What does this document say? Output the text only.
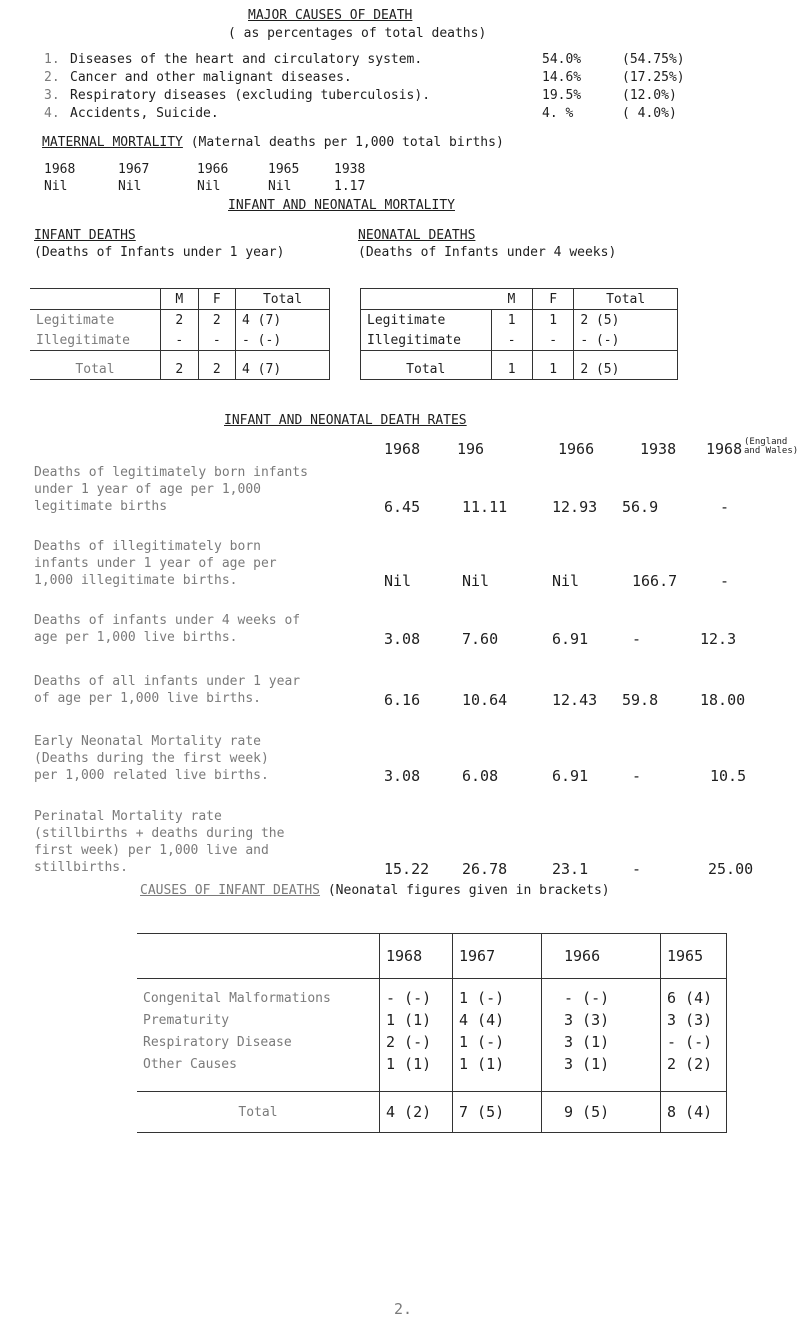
MAJOR CAUSES OF DEATH
( as percentages of total deaths)
1. Diseases of the heart and circulatory system.	54.0%	(54.75%)
2. Cancer and other malignant diseases.	14.6%	(17.25%)
3. Respiratory diseases (excluding tuberculosis).	19.5%	(12.0%)
4. Accidents, Suicide.	4. %	( 4.0%)
MATERNAL MORTALITY (Maternal deaths per 1,000 total births)
1968	1967	1966	1965	1938
Nil	Nil	Nil	Nil	1.17
INFANT AND NEONATAL MORTALITY
INFANT DEATHS
(Deaths of Infants under 1 year)
	M	F	Total
Legitimate	2	2	4 (7)
Illegitimate	-	-	- (-)
Total	2	2	4 (7)
NEONATAL DEATHS
(Deaths of Infants under 4 weeks)
	M	F	Total
Legitimate	1	1	2 (5)
Illegitimate	-	-	- (-)
Total	1	1	2 (5)
INFANT AND NEONATAL DEATH RATES
1968 196	1966	1938 1968 (England
and Wales)
Deaths of legitimately born infants
under 1 year of age per 1,000
legitimate births	6.45	11.11	12.93 56.9	-
Deaths of illegitimately born
infants under 1 year of age per
1,000 illegitimate births.	Nil	Nil	Nil	166.7	-
Deaths of infants under 4 weeks of
age per 1,000 live births.	3.08	7.60	6.91	-	12.3
Deaths of all infants under 1 year
of age per 1,000 live births.	6.16	10.64	12.43 59.8	18.00
Early Neonatal Mortality rate
(Deaths during the first week)
per 1,000 related live births.	3.08	6.08	6.91	-	10.5
Perinatal Mortality rate
(stillbirths + deaths during the
first week) per 1,000 live and
stillbirths.	15.22 26.78	23.1	-	25.00
CAUSES OF INFANT DEATHS (Neonatal figures given in brackets)
	1968	1967	1966	1965
Congenital Malformations	- (-)	1 (-)	- (-)	6 (4)
Prematurity	1 (1)	4 (4)	3 (3)	3 (3)
Respiratory Disease	2 (-)	1 (-)	3 (1)	- (-)
Other Causes	1 (1)	1 (1)	3 (1)	2 (2)
Total	4 (2)	7 (5)	9 (5)	8 (4)
2.
